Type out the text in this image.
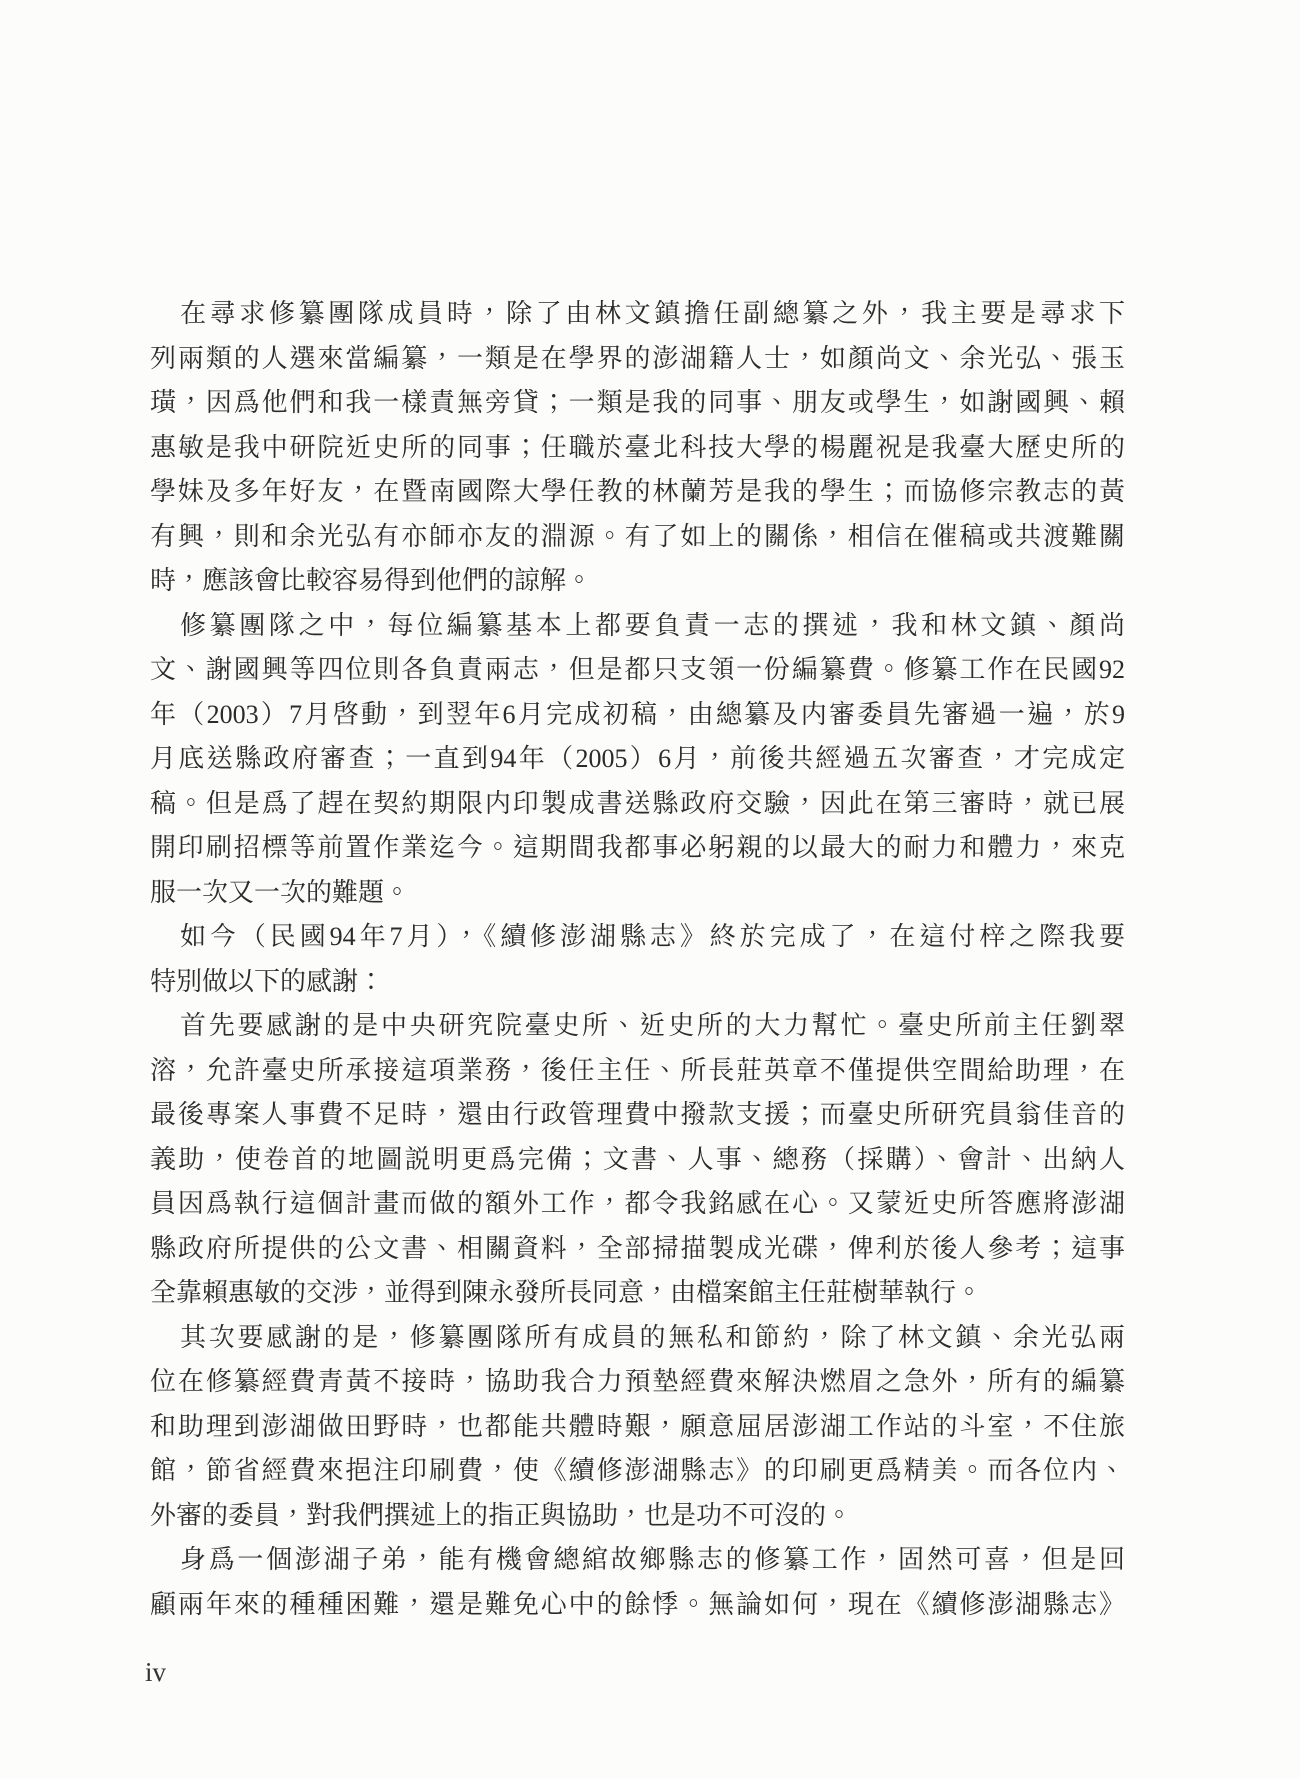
在尋求修纂團隊成員時，除了由林文鎮擔任副總纂之外，我主要是尋求下
列兩類的人選來當編纂，一類是在學界的澎湖籍人士，如顏尚文、余光弘、張玉
璜，因爲他們和我一樣責無旁貸；一類是我的同事、朋友或學生，如謝國興、賴
惠敏是我中研院近史所的同事；任職於臺北科技大學的楊麗祝是我臺大歷史所的
學妹及多年好友，在暨南國際大學任教的林蘭芳是我的學生；而協修宗教志的黃
有興，則和余光弘有亦師亦友的淵源。有了如上的關係，相信在催稿或共渡難關
時，應該會比較容易得到他們的諒解。
修纂團隊之中，每位編纂基本上都要負責一志的撰述，我和林文鎮、顏尚
文、謝國興等四位則各負責兩志，但是都只支領一份編纂費。修纂工作在民國92
年（2003）7月啓動，到翌年6月完成初稿，由總纂及内審委員先審過一遍，於9
月底送縣政府審查；一直到94年（2005）6月，前後共經過五次審查，才完成定
稿。但是爲了趕在契約期限内印製成書送縣政府交驗，因此在第三審時，就已展
開印刷招標等前置作業迄今。這期間我都事必躬親的以最大的耐力和體力，來克
服一次又一次的難題。
如今（民國94年7月），《續修澎湖縣志》終於完成了，在這付梓之際我要
特別做以下的感謝：
首先要感謝的是中央研究院臺史所、近史所的大力幫忙。臺史所前主任劉翠
溶，允許臺史所承接這項業務，後任主任、所長莊英章不僅提供空間給助理，在
最後專案人事費不足時，還由行政管理費中撥款支援；而臺史所研究員翁佳音的
義助，使卷首的地圖説明更爲完備；文書、人事、總務（採購）、會計、出納人
員因爲執行這個計畫而做的額外工作，都令我銘感在心。又蒙近史所答應將澎湖
縣政府所提供的公文書、相關資料，全部掃描製成光碟，俾利於後人參考；這事
全靠賴惠敏的交涉，並得到陳永發所長同意，由檔案館主任莊樹華執行。
其次要感謝的是，修纂團隊所有成員的無私和節約，除了林文鎮、余光弘兩
位在修纂經費青黃不接時，協助我合力預墊經費來解決燃眉之急外，所有的編纂
和助理到澎湖做田野時，也都能共體時艱，願意屈居澎湖工作站的斗室，不住旅
館，節省經費來挹注印刷費，使《續修澎湖縣志》的印刷更爲精美。而各位内、
外審的委員，對我們撰述上的指正與協助，也是功不可沒的。
身爲一個澎湖子弟，能有機會總綰故鄉縣志的修纂工作，固然可喜，但是回
顧兩年來的種種困難，還是難免心中的餘悸。無論如何，現在《續修澎湖縣志》
iv
